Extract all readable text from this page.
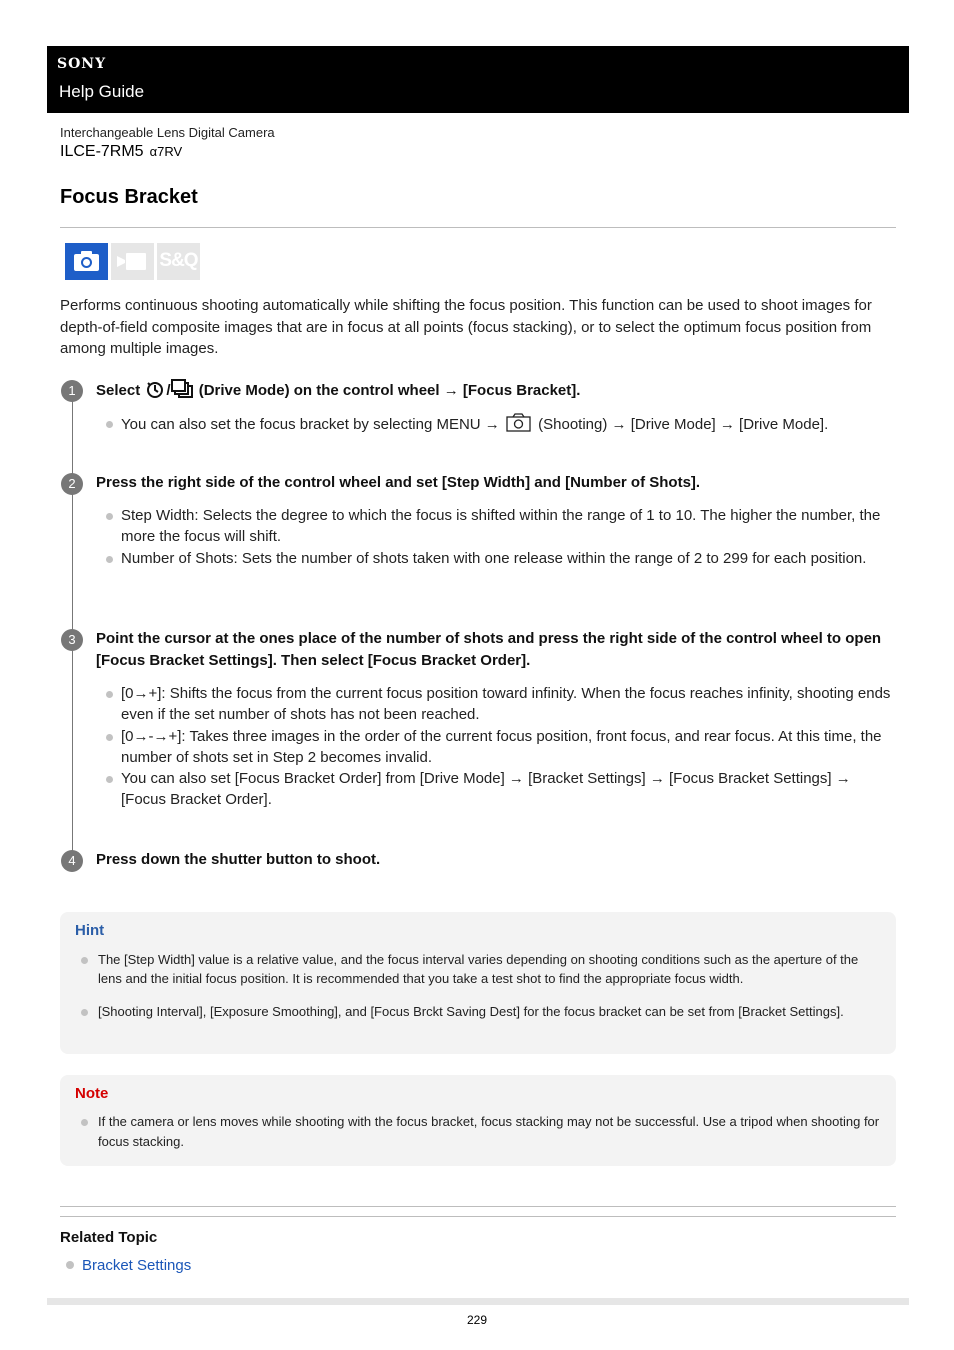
SONY
Help Guide
Interchangeable Lens Digital Camera
ILCE-7RM5 α7RV
Focus Bracket
S&Q

Performs continuous shooting automatically while shifting the focus position. This function can be used to shoot images for depth-of-field composite images that are in focus at all points (focus stacking), or to select the optimum focus position from among multiple images.

1	Select / (Drive Mode) on the control wheel → [Focus Bracket].

You can also set the focus bracket by selecting MENU →	(Shooting) → [Drive Mode] → [Drive Mode].
2	Press the right side of the control wheel and set [Step Width] and [Number of Shots].

Step Width: Selects the degree to which the focus is shifted within the range of 1 to 10. The higher the number, the more the focus will shift.
Number of Shots: Sets the number of shots taken with one release within the range of 2 to 299 for each position.
3	Point the cursor at the ones place of the number of shots and press the right side of the control wheel to open [Focus Bracket Settings]. Then select [Focus Bracket Order].

[0→+]: Shifts the focus from the current focus position toward infinity. When the focus reaches infinity, shooting ends even if the set number of shots has not been reached.
[0→-→+]: Takes three images in the order of the current focus position, front focus, and rear focus. At this time, the number of shots set in Step 2 becomes invalid.
You can also set [Focus Bracket Order] from [Drive Mode] → [Bracket Settings] → [Focus Bracket Settings] → [Focus Bracket Order].
4	Press down the shutter button to shoot.

Hint
The [Step Width] value is a relative value, and the focus interval varies depending on shooting conditions such as the aperture of the lens and the initial focus position. It is recommended that you take a test shot to find the appropriate focus width.
[Shooting Interval], [Exposure Smoothing], and [Focus Brckt Saving Dest] for the focus bracket can be set from [Bracket Settings].
Note
If the camera or lens moves while shooting with the focus bracket, focus stacking may not be successful. Use a tripod when shooting for focus stacking.
Related Topic
Bracket Settings
229
